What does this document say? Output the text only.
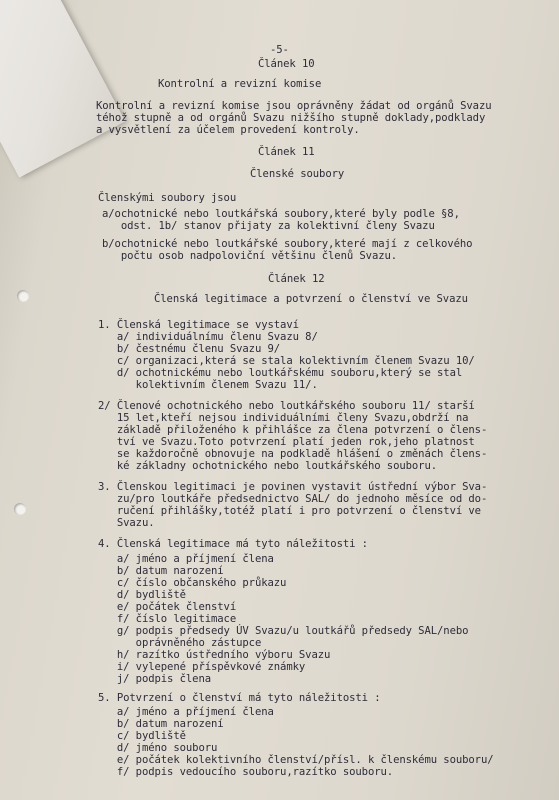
-5-
Článek 10
Kontrolní a revizní komise
Kontrolní a revizní komise jsou oprávněny žádat od orgánů Svazu
téhož stupně a od orgánů Svazu nižšího stupně doklady,podklady
a vysvětlení za účelem provedení kontroly.
Článek 11
Členské soubory
Členskými soubory jsou
a/ochotnické nebo loutkářská soubory,které byly podle §8,
odst. 1b/ stanov přijaty za kolektivní členy Svazu
b/ochotnické nebo loutkářské soubory,které mají z celkového
počtu osob nadpoloviční většinu členů Svazu.
Článek 12
Členská legitimace a potvrzení o členství ve Svazu
1. Členská legitimace se vystaví
a/ individuálnímu členu Svazu 8/
b/ čestnému členu Svazu 9/
c/ organizaci,která se stala kolektivním členem Svazu 10/
d/ ochotnickému nebo loutkářskému souboru,který se stal
kolektivním členem Svazu 11/.
2/ Členové ochotnického nebo loutkářského souboru 11/ starší
15 let,kteří nejsou individuálními členy Svazu,obdrží na
základě přiloženého k přihlášce za člena potvrzení o člens-
tví ve Svazu.Toto potvrzení platí jeden rok,jeho platnost
se každoročně obnovuje na podkladě hlášení o změnách člens-
ké základny ochotnického nebo loutkářského souboru.
3. Členskou legitimaci je povinen vystavit ústřední výbor Sva-
zu/pro loutkáře předsednictvo SAL/ do jednoho měsíce od do-
ručení přihlášky,totéž platí i pro potvrzení o členství ve
Svazu.
4. Členská legitimace má tyto náležitosti :
a/ jméno a příjmení člena
b/ datum narození
c/ číslo občanského průkazu
d/ bydliště
e/ počátek členství
f/ číslo legitimace
g/ podpis předsedy ÚV Svazu/u loutkářů předsedy SAL/nebo
oprávněného zástupce
h/ razítko ústředního výboru Svazu
i/ vylepené příspěvkové známky
j/ podpis člena
5. Potvrzení o členství má tyto náležitosti :
a/ jméno a příjmení člena
b/ datum narození
c/ bydliště
d/ jméno souboru
e/ počátek kolektivního členství/přísl. k členskému souboru/
f/ podpis vedoucího souboru,razítko souboru.
